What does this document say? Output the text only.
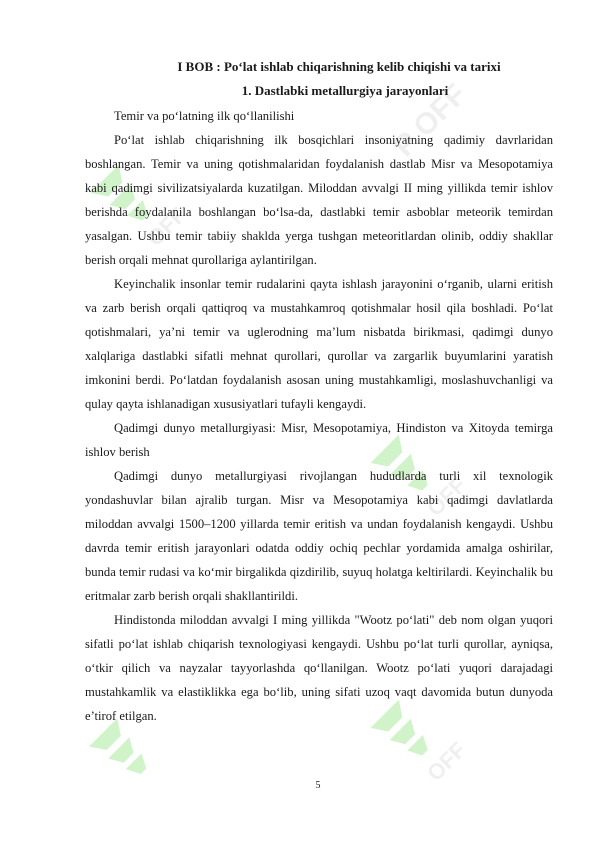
OFF
P OFF
OFF
OFF
I BOB : Po‘lat ishlab chiqarishning kelib chiqishi va tarixi
1. Dastlabki metallurgiya jarayonlari

Temir va po‘latning ilk qo‘llanilishi

Po‘lat ishlab chiqarishning ilk bosqichlari insoniyatning qadimiy davrlaridan boshlangan. Temir va uning qotishmalaridan foydalanish dastlab Misr va Mesopotamiya kabi qadimgi sivilizatsiyalarda kuzatilgan. Miloddan avvalgi II ming yillikda temir ishlov berishda foydalanila boshlangan bo‘lsa-da, dastlabki temir asboblar meteorik temirdan yasalgan. Ushbu temir tabiiy shaklda yerga tushgan meteoritlardan olinib, oddiy shakllar berish orqali mehnat qurollariga aylantirilgan.

Keyinchalik insonlar temir rudalarini qayta ishlash jarayonini o‘rganib, ularni eritish va zarb berish orqali qattiqroq va mustahkamroq qotishmalar hosil qila boshladi. Po‘lat qotishmalari, ya’ni temir va uglerodning ma’lum nisbatda birikmasi, qadimgi dunyo xalqlariga dastlabki sifatli mehnat qurollari, qurollar va zargarlik buyumlarini yaratish imkonini berdi. Po‘latdan foydalanish asosan uning mustahkamligi, moslashuvchanligi va qulay qayta ishlanadigan xususiyatlari tufayli kengaydi.

Qadimgi dunyo metallurgiyasi: Misr, Mesopotamiya, Hindiston va Xitoyda temirga ishlov berish

Qadimgi dunyo metallurgiyasi rivojlangan hududlarda turli xil texnologik yondashuvlar bilan ajralib turgan. Misr va Mesopotamiya kabi qadimgi davlatlarda miloddan avvalgi 1500–1200 yillarda temir eritish va undan foydalanish kengaydi. Ushbu davrda temir eritish jarayonlari odatda oddiy ochiq pechlar yordamida amalga oshirilar, bunda temir rudasi va ko‘mir birgalikda qizdirilib, suyuq holatga keltirilardi. Keyinchalik bu eritmalar zarb berish orqali shakllantirildi.

Hindistonda miloddan avvalgi I ming yillikda "Wootz po‘lati" deb nom olgan yuqori sifatli po‘lat ishlab chiqarish texnologiyasi kengaydi. Ushbu po‘lat turli qurollar, ayniqsa, o‘tkir qilich va nayzalar tayyorlashda qo‘llanilgan. Wootz po‘lati yuqori darajadagi mustahkamlik va elastiklikka ega bo‘lib, uning sifati uzoq vaqt davomida butun dunyoda e’tirof etilgan.

5
